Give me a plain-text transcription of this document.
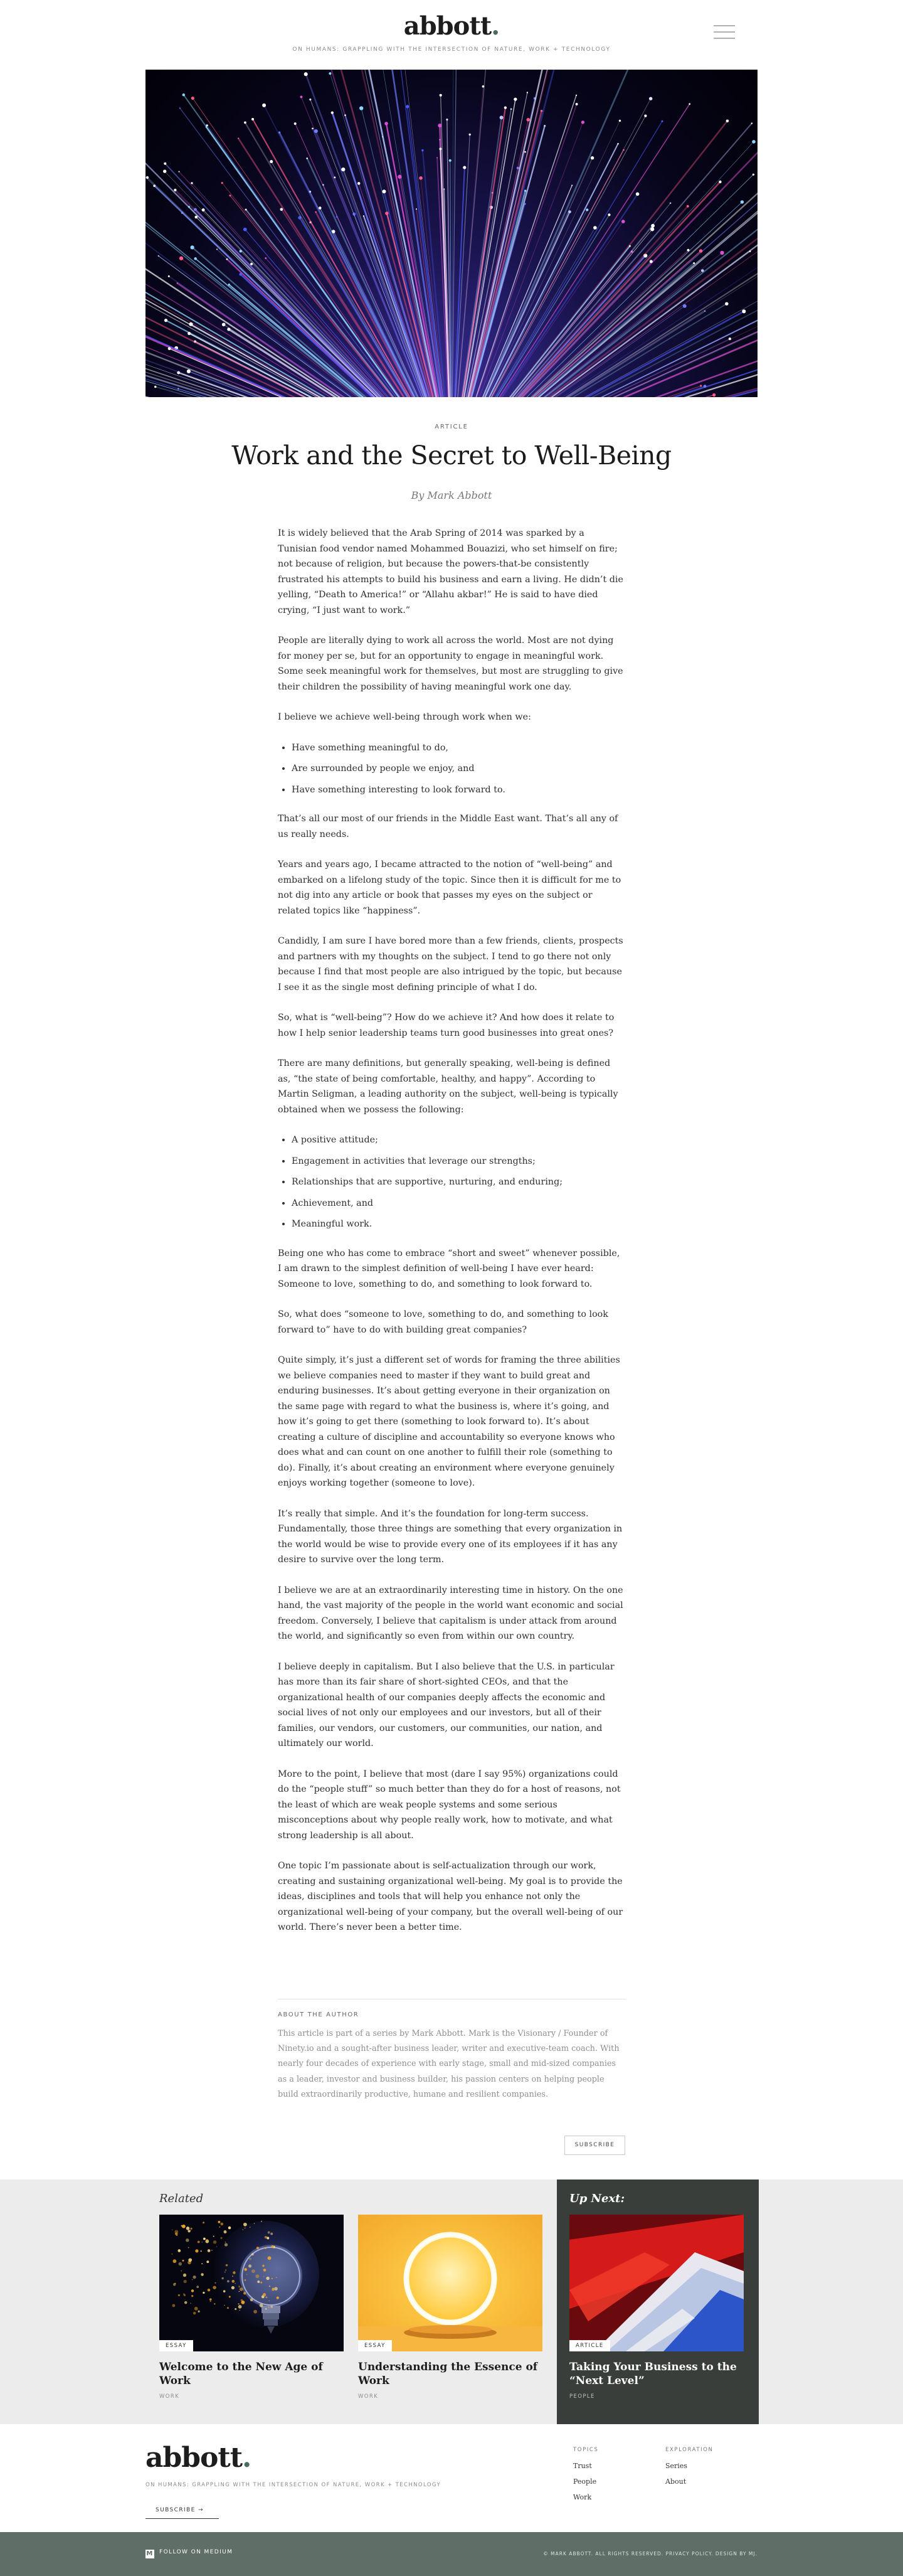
abbott.
ON HUMANS: GRAPPLING WITH THE INTERSECTION OF NATURE, WORK + TECHNOLOGY
ARTICLE
Work and the Secret to Well-Being
By Mark Abbott

It is widely believed that the Arab Spring of 2014 was sparked by a Tunisian food vendor named Mohammed Bouazizi, who set himself on fire; not because of religion, but because the powers-that-be consistently frustrated his attempts to build his business and earn a living. He didn’t die yelling, “Death to America!” or “Allahu akbar!” He is said to have died crying, “I just want to work.”

People are literally dying to work all across the world. Most are not dying for money per se, but for an opportunity to engage in meaningful work. Some seek meaningful work for themselves, but most are struggling to give their children the possibility of having meaningful work one day.

I believe we achieve well-being through work when we:

• Have something meaningful to do,
• Are surrounded by people we enjoy, and
• Have something interesting to look forward to.

That’s all our most of our friends in the Middle East want. That’s all any of us really needs.

Years and years ago, I became attracted to the notion of “well-being” and embarked on a lifelong study of the topic. Since then it is difficult for me to not dig into any article or book that passes my eyes on the subject or related topics like “happiness”.

Candidly, I am sure I have bored more than a few friends, clients, prospects and partners with my thoughts on the subject. I tend to go there not only because I find that most people are also intrigued by the topic, but because I see it as the single most defining principle of what I do.

So, what is “well-being”? How do we achieve it? And how does it relate to how I help senior leadership teams turn good businesses into great ones?

There are many definitions, but generally speaking, well-being is defined as, “the state of being comfortable, healthy, and happy”. According to Martin Seligman, a leading authority on the subject, well-being is typically obtained when we possess the following:

• A positive attitude;
• Engagement in activities that leverage our strengths;
• Relationships that are supportive, nurturing, and enduring;
• Achievement, and
• Meaningful work.

Being one who has come to embrace “short and sweet” whenever possible, I am drawn to the simplest definition of well-being I have ever heard: Someone to love, something to do, and something to look forward to.

So, what does “someone to love, something to do, and something to look forward to” have to do with building great companies?

Quite simply, it’s just a different set of words for framing the three abilities we believe companies need to master if they want to build great and enduring businesses. It’s about getting everyone in their organization on the same page with regard to what the business is, where it’s going, and how it’s going to get there (something to look forward to). It’s about creating a culture of discipline and accountability so everyone knows who does what and can count on one another to fulfill their role (something to do). Finally, it’s about creating an environment where everyone genuinely enjoys working together (someone to love).

It’s really that simple. And it’s the foundation for long-term success. Fundamentally, those three things are something that every organization in the world would be wise to provide every one of its employees if it has any desire to survive over the long term.

I believe we are at an extraordinarily interesting time in history. On the one hand, the vast majority of the people in the world want economic and social freedom. Conversely, I believe that capitalism is under attack from around the world, and significantly so even from within our own country.

I believe deeply in capitalism. But I also believe that the U.S. in particular has more than its fair share of short-sighted CEOs, and that the organizational health of our companies deeply affects the economic and social lives of not only our employees and our investors, but all of their families, our vendors, our customers, our communities, our nation, and ultimately our world.

More to the point, I believe that most (dare I say 95%) organizations could do the “people stuff” so much better than they do for a host of reasons, not the least of which are weak people systems and some serious misconceptions about why people really work, how to motivate, and what strong leadership is all about.

One topic I’m passionate about is self-actualization through our work, creating and sustaining organizational well-being. My goal is to provide the ideas, disciplines and tools that will help you enhance not only the organizational well-being of your company, but the overall well-being of our world. There’s never been a better time.

ABOUT THE AUTHOR

This article is part of a series by Mark Abbott. Mark is the Visionary / Founder of Ninety.io and a sought-after business leader, writer and executive-team coach. With nearly four decades of experience with early stage, small and mid-sized companies as a leader, investor and business builder, his passion centers on helping people build extraordinarily productive, humane and resilient companies.

SUBSCRIBE
Related
ESSAY
Welcome to the New Age of Work
WORK
ESSAY
Understanding the Essence of Work
WORK
Up Next:
ARTICLE
Taking Your Business to the “Next Level”
PEOPLE
abbott.
ON HUMANS: GRAPPLING WITH THE INTERSECTION OF NATURE, WORK + TECHNOLOGY
SUBSCRIBE →
TOPICS
Trust
People
Work
EXPLORATION
Series
About
M FOLLOW ON MEDIUM	© MARK ABBOTT. ALL RIGHTS RESERVED. PRIVACY POLICY. DESIGN BY MJ.
